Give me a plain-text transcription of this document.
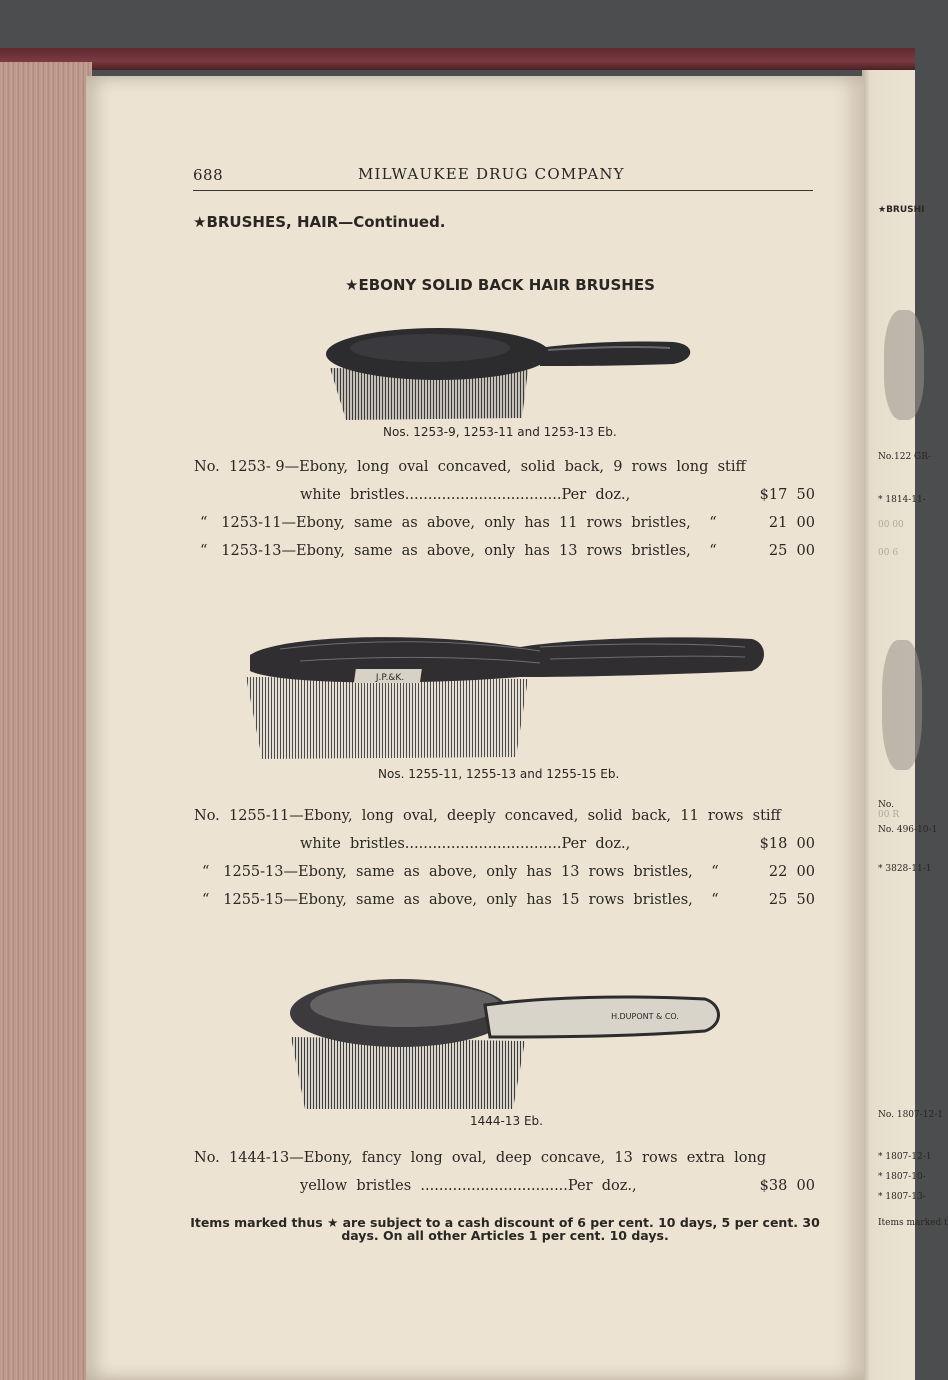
★BRUSHI
No.122 GR-
* 1814-11-
00 00
00 6
00 R
No.
No. 496-10-1
* 3828-11-1
No. 1807-12-1
* 1807-12-1
* 1807-10-
* 1807-13-
Items marked t
688	MILWAUKEE DRUG COMPANY
★BRUSHES, HAIR—Continued.
★EBONY SOLID BACK HAIR BRUSHES
Nos. 1253-9, 1253-11 and 1253-13 Eb.
No.  1253- 9—Ebony,  long  oval  concaved,  solid  back,  9  rows  long  stiff
white  bristles..................................Per  doz.,	$17  50
“   1253-11—Ebony,  same  as  above,  only  has  11  rows  bristles,    “	21  00
“   1253-13—Ebony,  same  as  above,  only  has  13  rows  bristles,    “	25  00
J.P.&K.
Nos. 1255-11, 1255-13 and 1255-15 Eb.
No.  1255-11—Ebony,  long  oval,  deeply  concaved,  solid  back,  11  rows  stiff
white  bristles..................................Per  doz.,	$18  00
“   1255-13—Ebony,  same  as  above,  only  has  13  rows  bristles,    “	22  00
“   1255-15—Ebony,  same  as  above,  only  has  15  rows  bristles,    “	25  50
H.DUPONT & CO.
1444-13 Eb.
No.  1444-13—Ebony,  fancy  long  oval,  deep  concave,  13  rows  extra  long
yellow  bristles  ................................Per  doz.,	$38  00
Items marked thus ★ are subject to a cash discount of 6 per cent. 10 days, 5 per cent. 30 days. On all other Articles 1 per cent. 10 days.
